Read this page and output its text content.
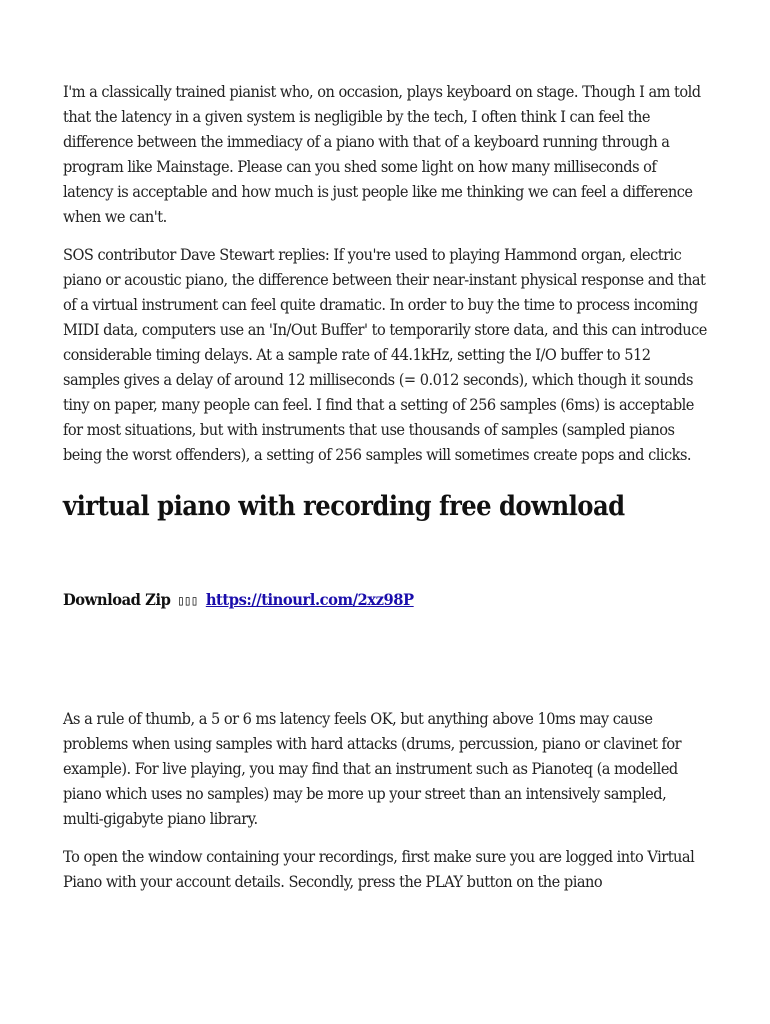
I'm a classically trained pianist who, on occasion, plays keyboard on stage. Though I am told that the latency in a given system is negligible by the tech, I often think I can feel the difference between the immediacy of a piano with that of a keyboard running through a program like Mainstage. Please can you shed some light on how many milliseconds of latency is acceptable and how much is just people like me thinking we can feel a difference when we can't.

SOS contributor Dave Stewart replies: If you're used to playing Hammond organ, electric piano or acoustic piano, the difference between their near-instant physical response and that of a virtual instrument can feel quite dramatic. In order to buy the time to process incoming MIDI data, computers use an 'In/Out Buffer' to temporarily store data, and this can introduce considerable timing delays. At a sample rate of 44.1kHz, setting the I/O buffer to 512 samples gives a delay of around 12 milliseconds (= 0.012 seconds), which though it sounds tiny on paper, many people can feel. I find that a setting of 256 samples (6ms) is acceptable for most situations, but with instruments that use thousands of samples (sampled pianos being the worst offenders), a setting of 256 samples will sometimes create pops and clicks.

virtual piano with recording free download
Download Zip ▯▯▯ https://tinourl.com/2xz98P

As a rule of thumb, a 5 or 6 ms latency feels OK, but anything above 10ms may cause problems when using samples with hard attacks (drums, percussion, piano or clavinet for example). For live playing, you may find that an instrument such as Pianoteq (a modelled piano which uses no samples) may be more up your street than an intensively sampled, multi-gigabyte piano library.

To open the window containing your recordings, first make sure you are logged into Virtual Piano with your account details. Secondly, press the PLAY button on the piano
